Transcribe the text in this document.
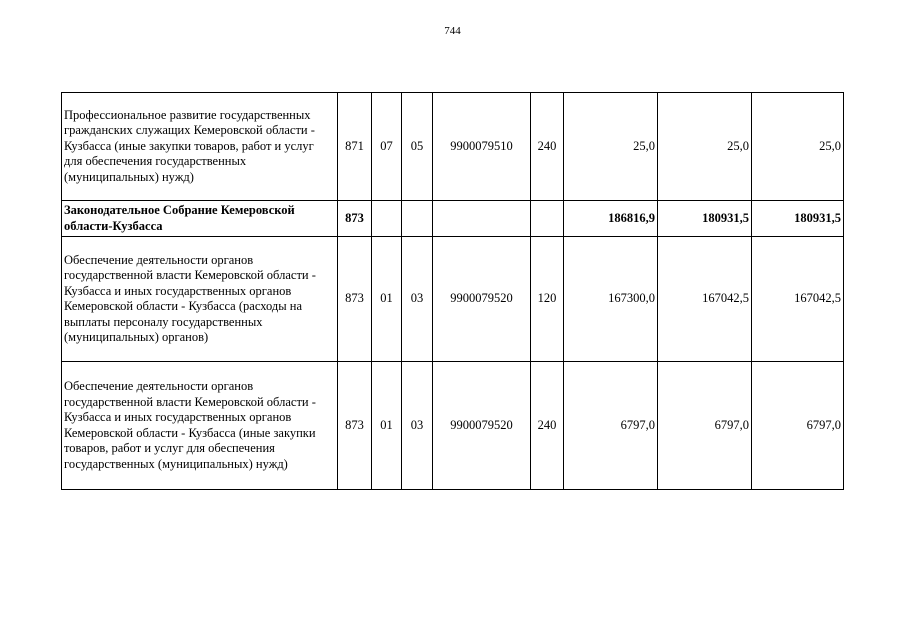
744
Профессиональное развитие государственных гражданских служащих Кемеровской области - Кузбасса (иные закупки товаров, работ и услуг для обеспечения государственных (муниципальных) нужд)	871	07	05	9900079510	240	25,0	25,0	25,0
Законодательное Собрание Кемеровской области-Кузбасса	873					186816,9	180931,5	180931,5
Обеспечение деятельности органов государственной власти Кемеровской области - Кузбасса и иных государственных органов Кемеровской области - Кузбасса (расходы на выплаты персоналу государственных (муниципальных) органов)	873	01	03	9900079520	120	167300,0	167042,5	167042,5
Обеспечение деятельности органов государственной власти Кемеровской области - Кузбасса и иных государственных органов Кемеровской области - Кузбасса (иные закупки товаров, работ и услуг для обеспечения государственных (муниципальных) нужд)	873	01	03	9900079520	240	6797,0	6797,0	6797,0
